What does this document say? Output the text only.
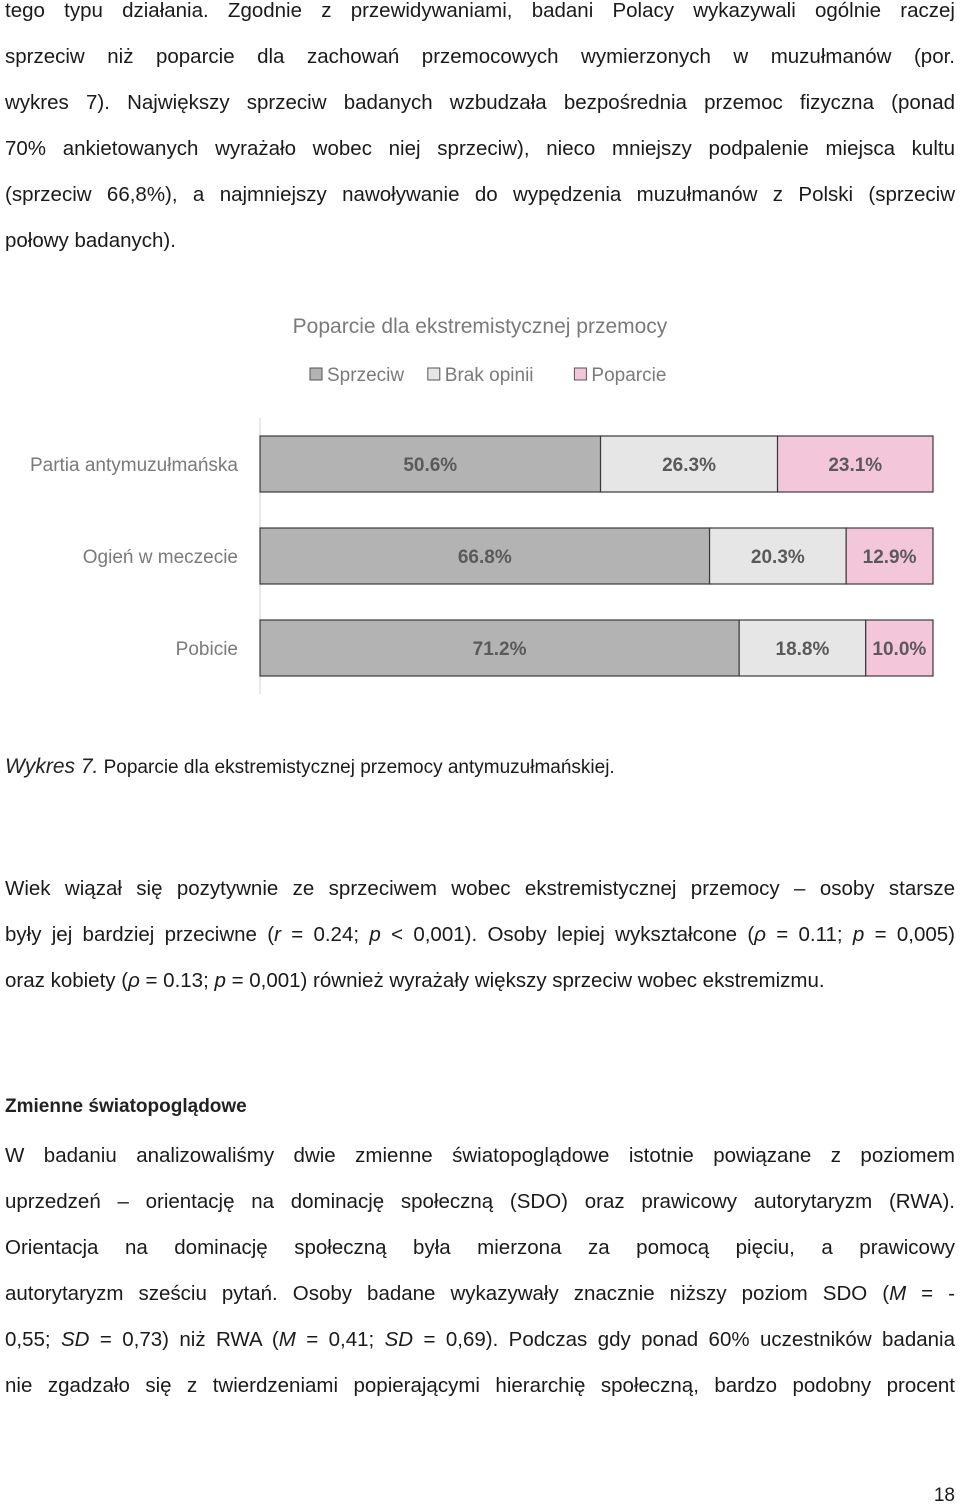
tego typu działania. Zgodnie z przewidywaniami, badani Polacy wykazywali ogólnie raczej
sprzeciw niż poparcie dla zachowań przemocowych wymierzonych w muzułmanów (por.
wykres 7). Największy sprzeciw badanych wzbudzała bezpośrednia przemoc fizyczna (ponad
70% ankietowanych wyrażało wobec niej sprzeciw), nieco mniejszy podpalenie miejsca kultu
(sprzeciw 66,8%), a najmniejszy nawoływanie do wypędzenia muzułmanów z Polski (sprzeciw
połowy badanych).
Poparcie dla ekstremistycznej przemocy
Sprzeciw Brak opinii	Poparcie
Partia antymuzułmańska	50.6%	26.3%	23.1%
Ogień w meczecie	66.8%	20.3%	12.9%
Pobicie	71.2%	18.8% 10.0%

Wykres 7. Poparcie dla ekstremistycznej przemocy antymuzułmańskiej.

Wiek wiązał się pozytywnie ze sprzeciwem wobec ekstremistycznej przemocy – osoby starsze
były jej bardziej przeciwne (r = 0.24; p < 0,001). Osoby lepiej wykształcone (ρ = 0.11; p = 0,005)
oraz kobiety (ρ = 0.13; p = 0,001) również wyrażały większy sprzeciw wobec ekstremizmu.
Zmienne światopoglądowe
W badaniu analizowaliśmy dwie zmienne światopoglądowe istotnie powiązane z poziomem
uprzedzeń – orientację na dominację społeczną (SDO) oraz prawicowy autorytaryzm (RWA).
Orientacja na dominację społeczną była mierzona za pomocą pięciu, a prawicowy
autorytaryzm sześciu pytań. Osoby badane wykazywały znacznie niższy poziom SDO (M = -
0,55; SD = 0,73) niż RWA (M = 0,41; SD = 0,69). Podczas gdy ponad 60% uczestników badania
nie zgadzało się z twierdzeniami popierającymi hierarchię społeczną, bardzo podobny procent
18
